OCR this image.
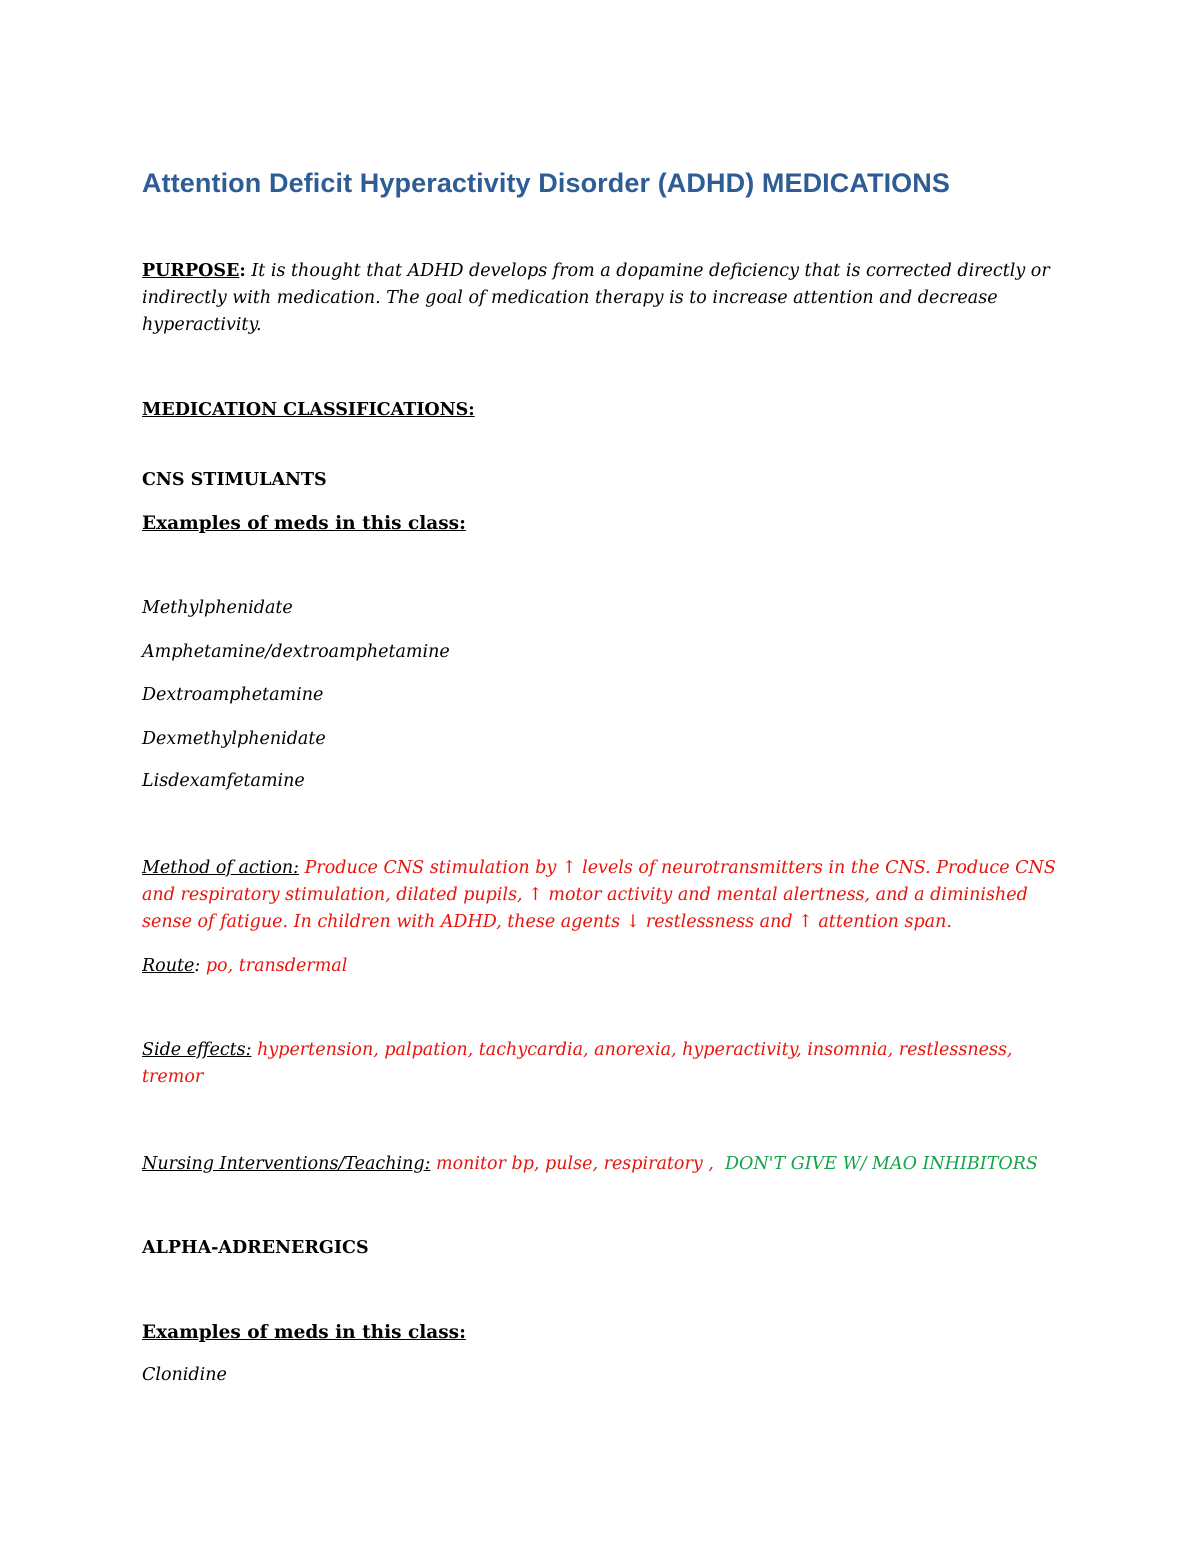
Attention Deficit Hyperactivity Disorder (ADHD) MEDICATIONS

PURPOSE: It is thought that ADHD develops from a dopamine deficiency that is corrected directly or indirectly with medication. The goal of medication therapy is to increase attention and decrease hyperactivity.

MEDICATION CLASSIFICATIONS:
CNS STIMULANTS
Examples of meds in this class:
Methylphenidate
Amphetamine/dextroamphetamine
Dextroamphetamine
Dexmethylphenidate
Lisdexamfetamine

Method of action: Produce CNS stimulation by ↑ levels of neurotransmitters in the CNS. Produce CNS and respiratory stimulation, dilated pupils, ↑ motor activity and mental alertness, and a diminished sense of fatigue. In children with ADHD, these agents ↓ restlessness and ↑ attention span.

Route: po, transdermal

Side effects: hypertension, palpation, tachycardia, anorexia, hyperactivity, insomnia, restlessness, tremor

Nursing Interventions/Teaching: monitor bp, pulse, respiratory , DON'T GIVE W/ MAO INHIBITORS

ALPHA-ADRENERGICS
Examples of meds in this class:
Clonidine
